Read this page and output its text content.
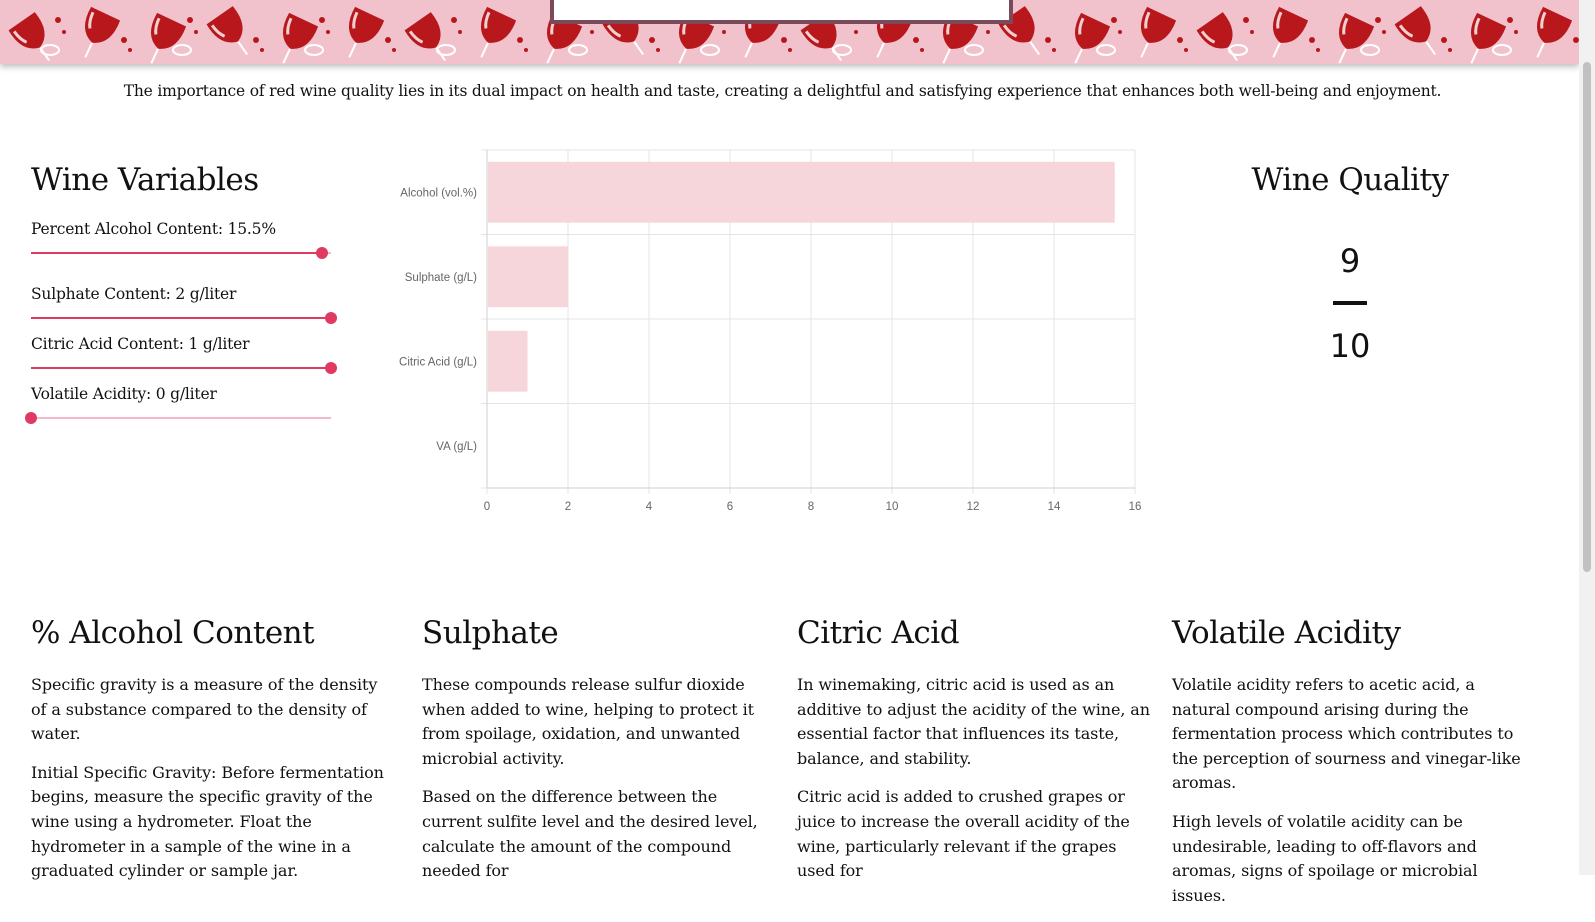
The importance of red wine quality lies in its dual impact on health and taste, creating a delightful and satisfying experience that enhances both well-being and enjoyment.
Wine Variables
Percent Alcohol Content: 15.5%
Sulphate Content: 2 g/liter
Citric Acid Content: 1 g/liter
Volatile Acidity: 0 g/liter
0	2	4	6	8	10	12	14	16
Alcohol (vol.%)
Sulphate (g/L)
Citric Acid (g/L)
VA (g/L)
Wine Quality
9
10
% Alcohol Content

Specific gravity is a measure of the density of a substance compared to the density of water.

Initial Specific Gravity: Before fermentation begins, measure the specific gravity of the wine using a hydrometer. Float the hydrometer in a sample of the wine in a graduated cylinder or sample jar.

Sulphate

These compounds release sulfur dioxide when added to wine, helping to protect it from spoilage, oxidation, and unwanted microbial activity.

Based on the difference between the current sulfite level and the desired level, calculate the amount of the compound needed for

Citric Acid

In winemaking, citric acid is used as an additive to adjust the acidity of the wine, an essential factor that influences its taste, balance, and stability.

Citric acid is added to crushed grapes or juice to increase the overall acidity of the wine, particularly relevant if the grapes used for

Volatile Acidity

Volatile acidity refers to acetic acid, a natural compound arising during the fermentation process which contributes to the perception of sourness and vinegar-like aromas.

High levels of volatile acidity can be undesirable, leading to off-flavors and aromas, signs of spoilage or microbial issues.
